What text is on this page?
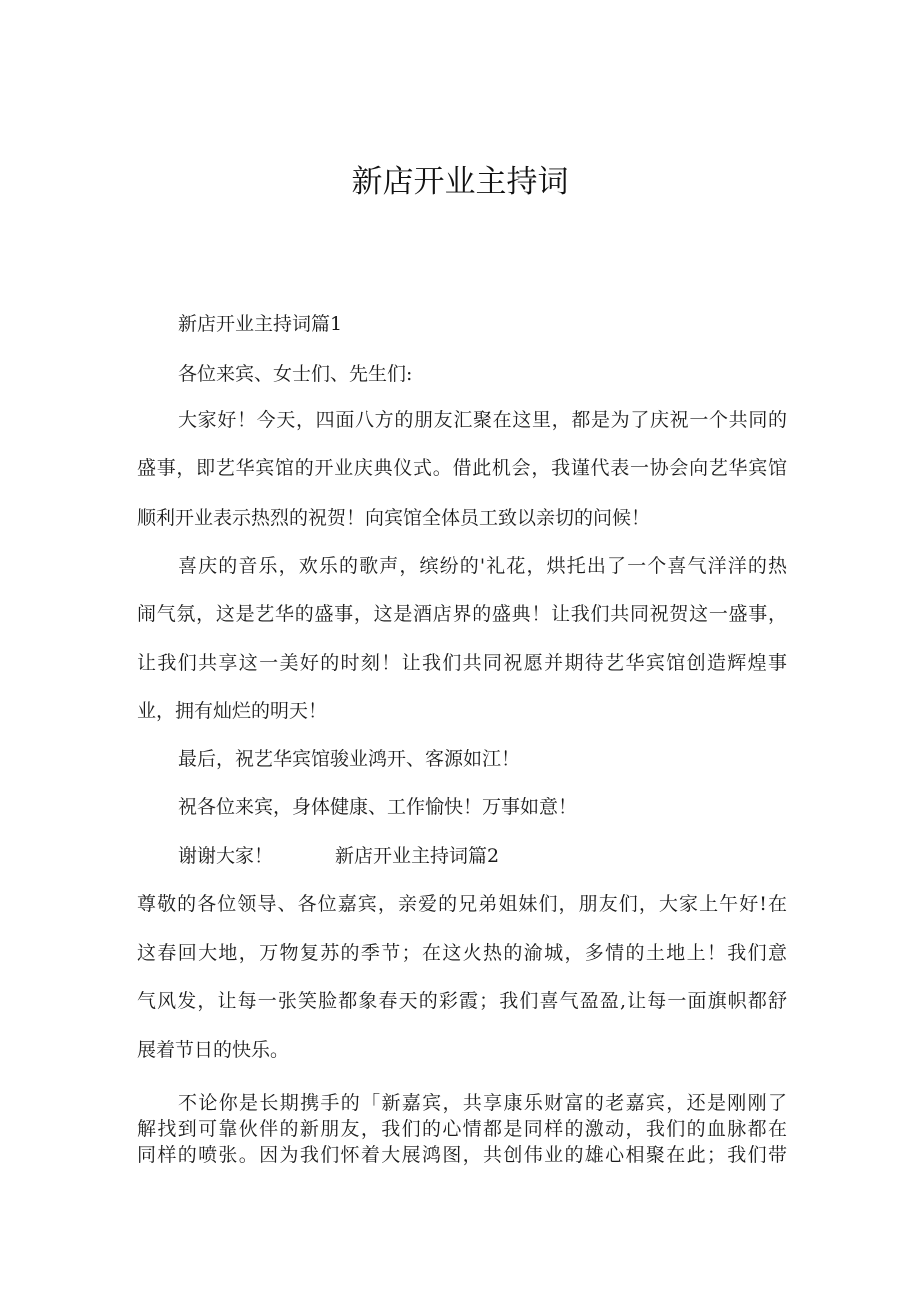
新店开业主持词

新店开业主持词篇1

各位来宾、女士们、先生们:

大家好！今天，四面八方的朋友汇聚在这里，都是为了庆祝一个共同的

盛事，即艺华宾馆的开业庆典仪式。借此机会，我谨代表一协会向艺华宾馆

顺利开业表示热烈的祝贺！向宾馆全体员工致以亲切的问候！

喜庆的音乐，欢乐的歌声，缤纷的'礼花，烘托出了一个喜气洋洋的热

闹气氛，这是艺华的盛事，这是酒店界的盛典！让我们共同祝贺这一盛事，

让我们共享这一美好的时刻！让我们共同祝愿并期待艺华宾馆创造辉煌事

业，拥有灿烂的明天！

最后，祝艺华宾馆骏业鸿开、客源如江！

祝各位来宾，身体健康、工作愉快！万事如意！

谢谢大家！	新店开业主持词篇2

尊敬的各位领导、各位嘉宾，亲爱的兄弟姐妹们，朋友们，大家上午好!在

这春回大地，万物复苏的季节；在这火热的渝城，多情的土地上！我们意

气风发，让每一张笑脸都象春天的彩霞；我们喜气盈盈,让每一面旗帜都舒

展着节日的快乐。

不论你是长期携手的「新嘉宾，共享康乐财富的老嘉宾，还是刚刚了

解找到可靠伙伴的新朋友，我们的心情都是同样的激动，我们的血脉都在

同样的喷张。因为我们怀着大展鸿图，共创伟业的雄心相聚在此；我们带
